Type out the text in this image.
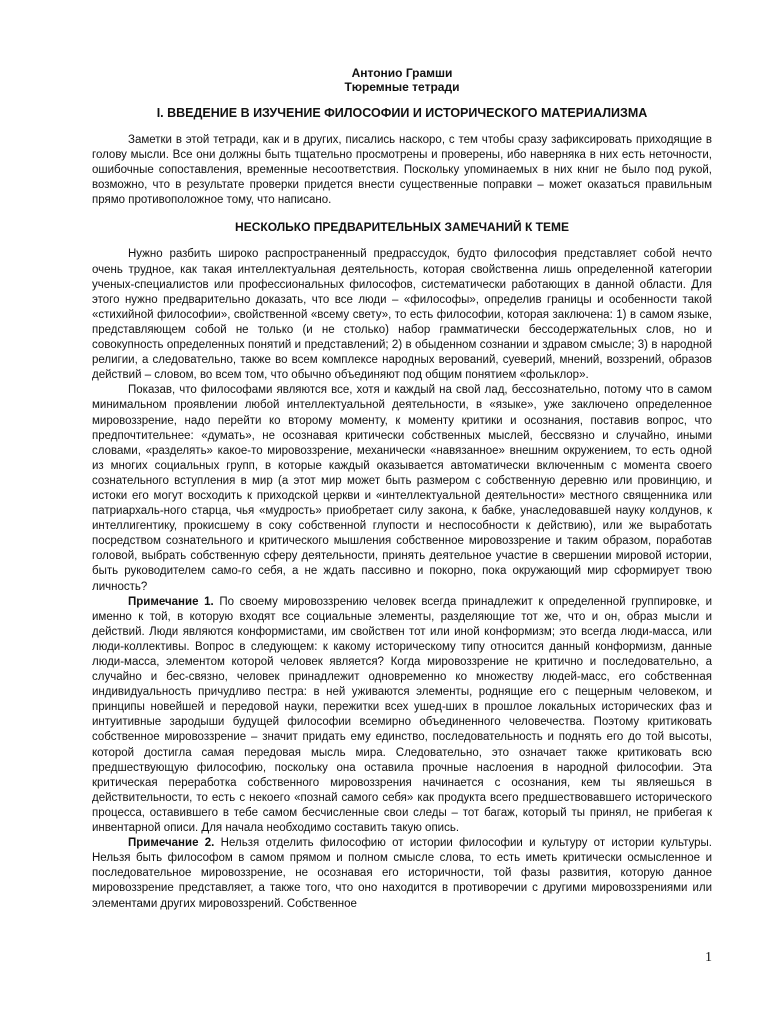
Антонио Грамши

Тюремные тетради

I. ВВЕДЕНИЕ В ИЗУЧЕНИЕ ФИЛОСОФИИ И ИСТОРИЧЕСКОГО МАТЕРИАЛИЗМА

Заметки в этой тетради, как и в других, писались наскоро, с тем чтобы сразу зафиксировать приходящие в голову мысли. Все они должны быть тщательно просмотрены и проверены, ибо наверняка в них есть неточности, ошибочные сопоставления, временные несоответствия. Поскольку упоминаемых в них книг не было под рукой, возможно, что в результате проверки придется внести существенные поправки – может оказаться правильным прямо противоположное тому, что написано.

НЕСКОЛЬКО ПРЕДВАРИТЕЛЬНЫХ ЗАМЕЧАНИЙ К ТЕМЕ

Нужно разбить широко распространенный предрассудок, будто философия представляет собой нечто очень трудное, как такая интеллектуальная деятельность, которая свойственна лишь определенной категории ученых-специалистов или профессиональных философов, систематически работающих в данной области. Для этого нужно предварительно доказать, что все люди – «философы», определив границы и особенности такой «стихийной философии», свойственной «всему свету», то есть философии, которая заключена: 1) в самом языке, представляющем собой не только (и не столько) набор грамматически бессодержательных слов, но и совокупность определенных понятий и представлений; 2) в обыденном сознании и здравом смысле; 3) в народной религии, а следовательно, также во всем комплексе народных верований, суеверий, мнений, воззрений, образов действий – словом, во всем том, что обычно объединяют под общим понятием «фольклор».

Показав, что философами являются все, хотя и каждый на свой лад, бессознательно, потому что в самом минимальном проявлении любой интеллектуальной деятельности, в «языке», уже заключено определенное мировоззрение, надо перейти ко второму моменту, к моменту критики и осознания, поставив вопрос, что предпочтительнее: «думать», не осознавая критически собственных мыслей, бессвязно и случайно, иными словами, «разделять» какое-то мировоззрение, механически «навязанное» внешним окружением, то есть одной из многих социальных групп, в которые каждый оказывается автоматически включенным с момента своего сознательного вступления в мир (а этот мир может быть размером с собственную деревню или провинцию, и истоки его могут восходить к приходской церкви и «интеллектуальной деятельности» местного священника или патриархаль-ного старца, чья «мудрость» приобретает силу закона, к бабке, унаследовавшей науку колдунов, к интеллигентику, прокисшему в соку собственной глупости и неспособности к действию), или же выработать посредством сознательного и критического мышления собственное мировоззрение и таким образом, поработав головой, выбрать собственную сферу деятельности, принять деятельное участие в свершении мировой истории, быть руководителем само-го себя, а не ждать пассивно и покорно, пока окружающий мир сформирует твою личность?

Примечание 1. По своему мировоззрению человек всегда принадлежит к определенной группировке, и именно к той, в которую входят все социальные элементы, разделяющие тот же, что и он, образ мысли и действий. Люди являются конформистами, им свойствен тот или иной конформизм; это всегда люди-масса, или люди-коллективы. Вопрос в следующем: к какому историческому типу относится данный конформизм, данные люди-масса, элементом которой человек является? Когда мировоззрение не критично и последовательно, а случайно и бес-связно, человек принадлежит одновременно ко множеству людей-масс, его собственная индивидуальность причудливо пестра: в ней уживаются элементы, роднящие его с пещерным человеком, и принципы новейшей и передовой науки, пережитки всех ушед-ших в прошлое локальных исторических фаз и интуитивные зародыши будущей философии всемирно объединенного человечества. Поэтому критиковать собственное мировоззрение – значит придать ему единство, последовательность и поднять его до той высоты, которой достигла самая передовая мысль мира. Следовательно, это означает также критиковать всю предшествующую философию, поскольку она оставила прочные наслоения в народной философии. Эта критическая переработка собственного мировоззрения начинается с осознания, кем ты являешься в действительности, то есть с некоего «познай самого себя» как продукта всего предшествовавшего исторического процесса, оставившего в тебе самом бесчисленные свои следы – тот багаж, который ты принял, не прибегая к инвентарной описи. Для начала необходимо составить такую опись.

Примечание 2. Нельзя отделить философию от истории философии и культуру от истории культуры. Нельзя быть философом в самом прямом и полном смысле слова, то есть иметь критически осмысленное и последовательное мировоззрение, не осознавая его историчности, той фазы развития, которую данное мировоззрение представляет, а также того, что оно находится в противоречии с другими мировоззрениями или элементами других мировоззрений. Собственное

1
